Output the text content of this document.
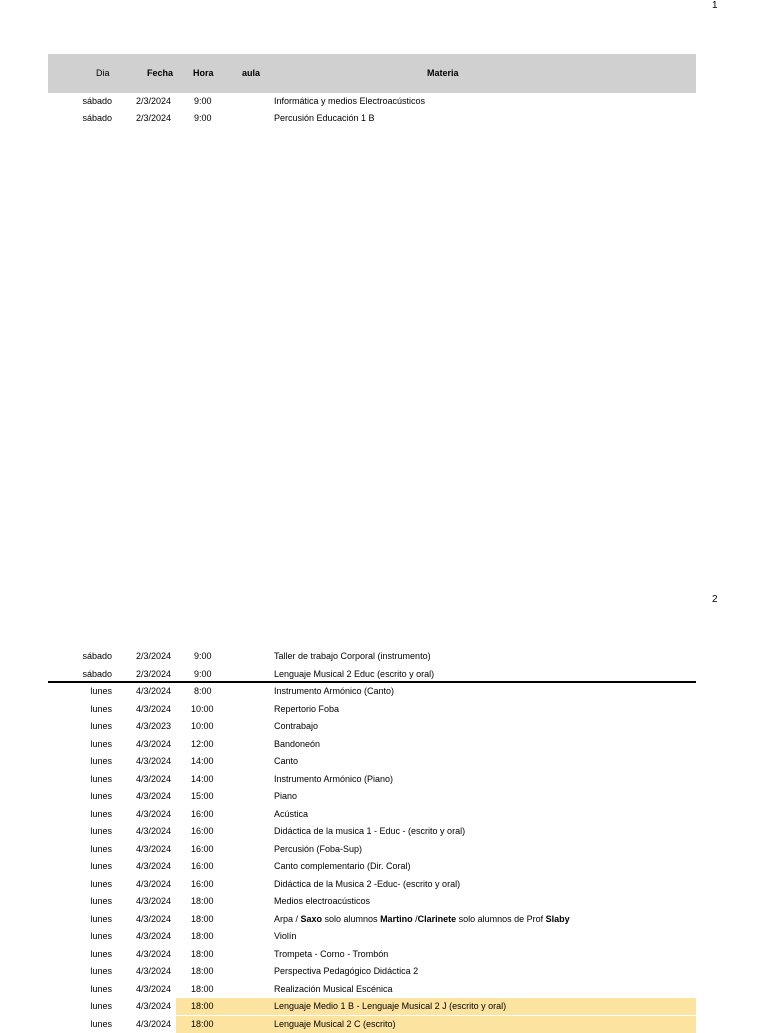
1
Dia	Fecha Hora	aula	Materia
sábado	2/3/2024	9:00	Informática y medios Electroacústicos
sábado	2/3/2024	9:00	Percusión Educación 1 B
2
sábado	2/3/2024	9:00	Taller de trabajo Corporal (instrumento)
sábado	2/3/2024	9:00	Lenguaje Musical 2 Educ (escrito y oral)
lunes	4/3/2024	8:00	Instrumento Armónico (Canto)
lunes	4/3/2024 10:00	Repertorio Foba
lunes	4/3/2023 10:00	Contrabajo
lunes	4/3/2024 12:00	Bandoneón
lunes	4/3/2024 14:00	Canto
lunes	4/3/2024 14:00	Instrumento Armónico (Piano)
lunes	4/3/2024 15:00	Piano
lunes	4/3/2024 16:00	Acústica
lunes	4/3/2024 16:00	Didáctica de la musica 1 - Educ - (escrito y oral)
lunes	4/3/2024 16:00	Percusión (Foba-Sup)
lunes	4/3/2024 16:00	Canto complementario (Dir. Coral)
lunes	4/3/2024 16:00	Didáctica de la Musica 2 -Educ- (escrito y oral)
lunes	4/3/2024 18:00	Medios electroacústicos
lunes	4/3/2024 18:00	Arpa / Saxo solo alumnos Martino /Clarinete solo alumnos de Prof Slaby
lunes	4/3/2024 18:00	Violín
lunes	4/3/2024 18:00	Trompeta - Corno - Trombón
lunes	4/3/2024 18:00	Perspectiva Pedagógico Didáctica 2
lunes	4/3/2024 18:00	Realización Musical Escénica
lunes	4/3/2024 18:00	Lenguaje Medio 1 B - Lenguaje Musical 2 J (escrito y oral)
lunes	4/3/2024 18:00	Lenguaje Musical 2 C (escrito)
